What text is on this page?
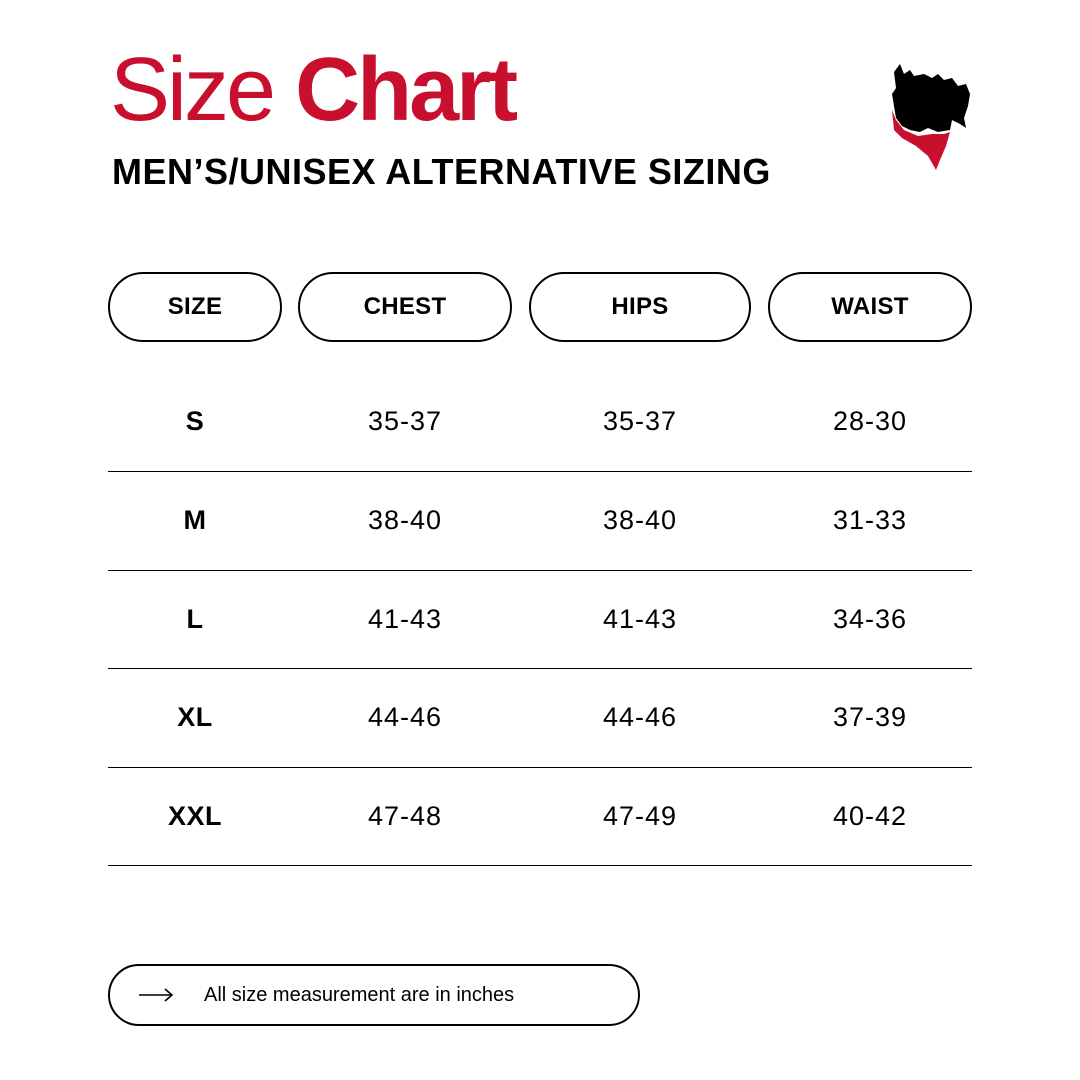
Size Chart
MEN’S/UNISEX ALTERNATIVE SIZING
SIZE	CHEST	HIPS	WAIST
S	35-37	35-37	28-30
M	38-40	38-40	31-33
L	41-43	41-43	34-36
XL	44-46	44-46	37-39
XXL	47-48	47-49	40-42
All size measurement are in inches
